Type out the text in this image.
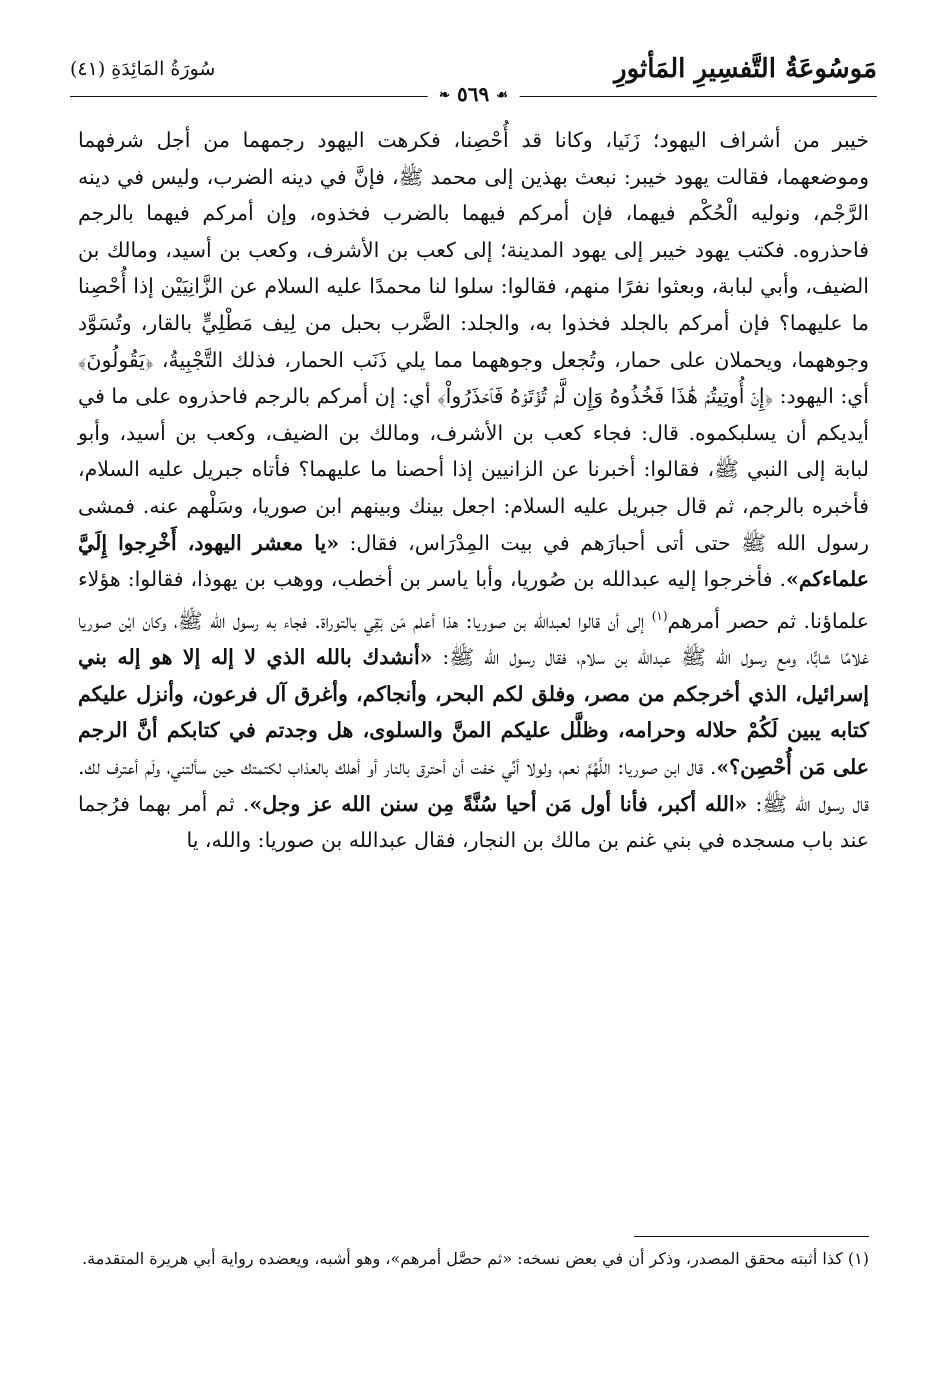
مَوسُوعَةُ التَّفسِيرِ المَأثورِ
سُورَةُ المَائِدَةِ (٤١)
❧ ٥٦٩ ☙

خيبر من أشراف اليهود؛ زَنَيا، وكانا قد أُحْصِنا، فكرهت اليهود رجمهما من أجل شرفهما وموضعهما، فقالت يهود خيبر: نبعث بهذين إلى محمد ﷺ، فإنَّ في دينه الضرب، وليس في دينه الرَّجْم، ونوليه الْحُكْم فيهما، فإن أمركم فيهما بالضرب فخذوه، وإن أمركم فيهما بالرجم فاحذروه. فكتب يهود خيبر إلى يهود المدينة؛ إلى كعب بن الأشرف، وكعب بن أسيد، ومالك بن الضيف، وأبي لبابة، وبعثوا نفرًا منهم، فقالوا: سلوا لنا محمدًا عليه السلام عن الزَّانِيَيْن إذا أُحْصِنا ما عليهما؟ فإن أمركم بالجلد فخذوا به، والجلد: الضَّرب بحبل من لِيف مَطْلِيٍّ بالقار، وتُسَوَّد وجوههما، ويحملان على حمار، وتُجعل وجوههما مما يلي ذَنَب الحمار، فذلك التَّجْبِيةُ، ﴿يَقُولُونَ﴾ أي: اليهود: ﴿إِنۡ أُوتِيتُمۡ هَٰذَا فَخُذُوهُ وَإِن لَّمۡ تُؤۡتَوۡهُ فَٱحۡذَرُواْ﴾ أي: إن أمركم بالرجم فاحذروه على ما في أيديكم أن يسلبكموه. قال: فجاء كعب بن الأشرف، ومالك بن الضيف، وكعب بن أسيد، وأبو لبابة إلى النبي ﷺ، فقالوا: أخبرنا عن الزانيين إذا أحصنا ما عليهما؟ فأتاه جبريل عليه السلام، فأخبره بالرجم، ثم قال جبريل عليه السلام: اجعل بينك وبينهم ابن صوريا، وسَلْهم عنه. فمشى رسول الله ﷺ حتى أتى أحبارَهم في بيت المِدْرَاس، فقال: «يا معشر اليهود، أَخْرِجوا إِلَيَّ علماءكم». فأخرجوا إليه عبدالله بن صُوريا، وأبا ياسر بن أخطب، ووهب بن يهوذا، فقالوا: هؤلاء علماؤنا. ثم حصر أمرهم$^{(١)}$ إلى أن قالوا لعبدالله بن صوريا: هذا أعلم مَن بَقِي بالتوراة. فجاء به رسول الله ﷺ، وكان ابْن صوريا غلامًا شابًّا، ومع رسول الله ﷺ عبدالله بن سلام، فقال رسول الله ﷺ: «أنشدك بالله الذي لا إله إلا هو إله بني إسرائيل، الذي أخرجكم من مصر، وفلق لكم البحر، وأنجاكم، وأغرق آل فرعون، وأنزل عليكم كتابه يبين لَكُمْ حلاله وحرامه، وظلَّل عليكم المنَّ والسلوى، هل وجدتم في كتابكم أنَّ الرجم على مَن أُحْصِن؟». قال ابن صوريا: اللَّهُمَّ نعم، ولولا أنِّي خفت أن أحترق بالنار أو أهلك بالعذاب لكتمتك حين سألتني، ولَم أعترف لك. قال رسول الله ﷺ: «الله أكبر، فأنا أول مَن أحيا سُنَّةً مِن سنن الله عز وجل». ثم أمر بهما فرُجما عند باب مسجده في بني غنم بن مالك بن النجار، فقال عبدالله بن صوريا: والله، يا

(١) كذا أثبته محقق المصدر، وذكر أن في بعض نسخه: «ثم حصَّل أمرهم»، وهو أشبه، ويعضده رواية أبي هريرة المتقدمة.
